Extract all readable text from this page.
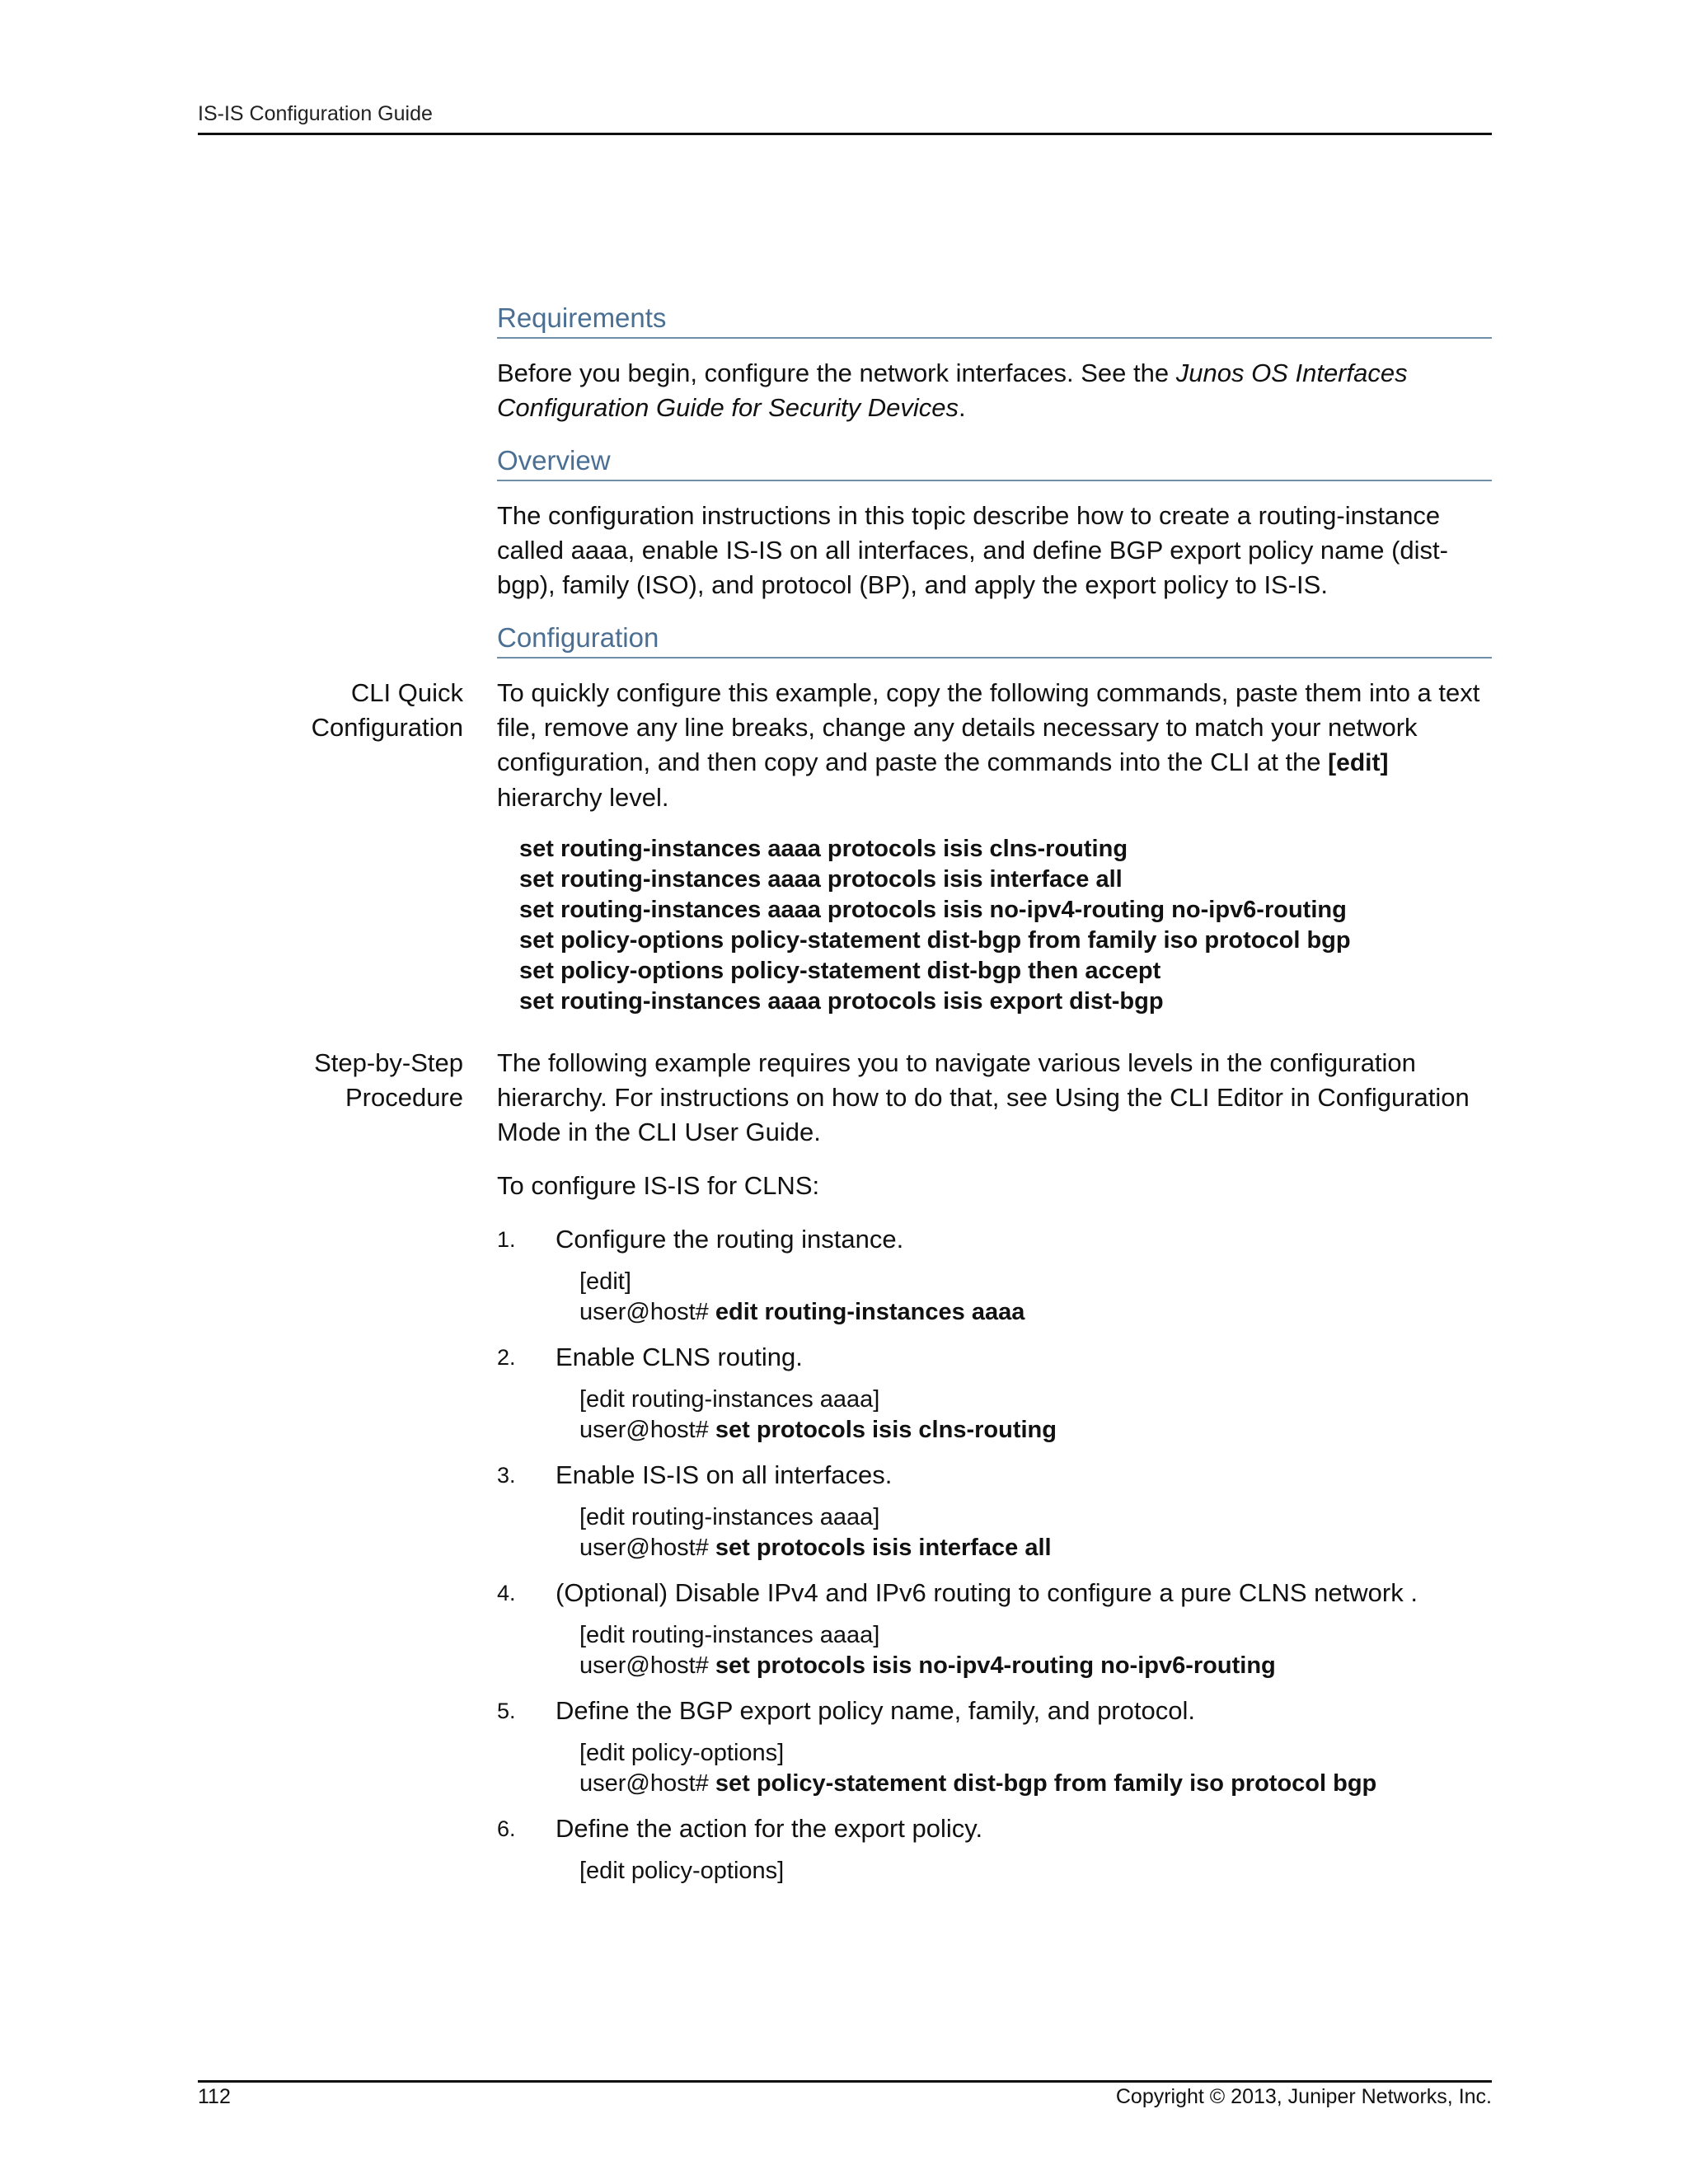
IS-IS Configuration Guide
Requirements

Before you begin, configure the network interfaces. See the Junos OS Interfaces Configuration Guide for Security Devices.

Overview

The configuration instructions in this topic describe how to create a routing-instance called aaaa, enable IS-IS on all interfaces, and define BGP export policy name (dist-bgp), family (ISO), and protocol (BP), and apply the export policy to IS-IS.

Configuration
CLI Quick
Configuration

To quickly configure this example, copy the following commands, paste them into a text file, remove any line breaks, change any details necessary to match your network configuration, and then copy and paste the commands into the CLI at the [edit] hierarchy level.

set routing-instances aaaa protocols isis clns-routing
set routing-instances aaaa protocols isis interface all
set routing-instances aaaa protocols isis no-ipv4-routing no-ipv6-routing
set policy-options policy-statement dist-bgp from family iso protocol bgp
set policy-options policy-statement dist-bgp then accept
set routing-instances aaaa protocols isis export dist-bgp
Step-by-Step
Procedure

The following example requires you to navigate various levels in the configuration hierarchy. For instructions on how to do that, see Using the CLI Editor in Configuration Mode in the CLI User Guide.

To configure IS-IS for CLNS:

1. Configure the routing instance.
[edit]
user@host# edit routing-instances aaaa
2. Enable CLNS routing.
[edit routing-instances aaaa]
user@host# set protocols isis clns-routing
3. Enable IS-IS on all interfaces.
[edit routing-instances aaaa]
user@host# set protocols isis interface all
4. (Optional) Disable IPv4 and IPv6 routing to configure a pure CLNS network .
[edit routing-instances aaaa]
user@host# set protocols isis no-ipv4-routing no-ipv6-routing
5. Define the BGP export policy name, family, and protocol.
[edit policy-options]
user@host# set policy-statement dist-bgp from family iso protocol bgp
6. Define the action for the export policy.
[edit policy-options]
112	Copyright © 2013, Juniper Networks, Inc.
